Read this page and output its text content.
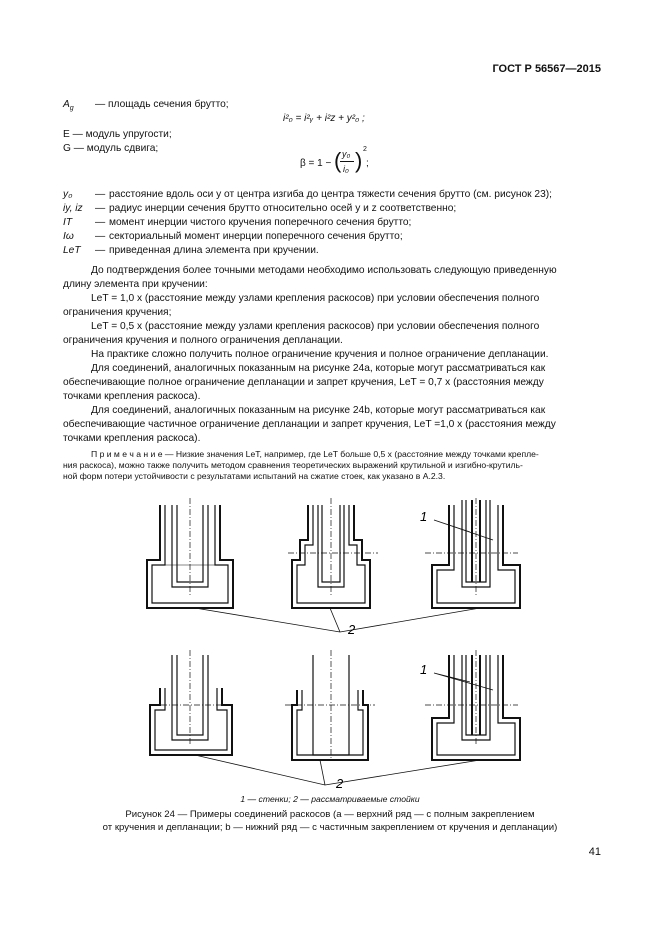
ГОСТ Р 56567—2015
$A_g$ — площадь сечения брутто;
i²₀ = i²ᵧ + i²z + y²₀ ;
E — модуль упругости;
G — модуль сдвига;
β = 1 − ( y₀
i₀ ) 2
;
y₀ — расстояние вдоль оси y от центра изгиба до центра тяжести сечения брутто (см. рисунок 23);
iy, iz — радиус инерции сечения брутто относительно осей y и z соответственно;
IT — момент инерции чистого кручения поперечного сечения брутто;
Iω — секториальный момент инерции поперечного сечения брутто;
LeT — приведенная длина элемента при кручении.
До подтверждения более точными методами необходимо использовать следующую приведенную
длину элемента при кручении:
LeT = 1,0 x (расстояние между узлами крепления раскосов) при условии обеспечения полного
ограничения кручения;
LeT = 0,5 x (расстояние между узлами крепления раскосов) при условии обеспечения полного
ограничения кручения и полного ограничения депланации.
На практике сложно получить полное ограничение кручения и полное ограничение депланации.
Для соединений, аналогичных показанным на рисунке 24a, которые могут рассматриваться как
обеспечивающие полное ограничение депланации и запрет кручения, LeT = 0,7 x (расстояния между
точками крепления раскоса).
Для соединений, аналогичных показанным на рисунке 24b, которые могут рассматриваться как
обеспечивающие частичное ограничение депланации и запрет кручения, LeT =1,0 x (расстояния между
точками крепления раскоса).
П р и м е ч а н и е — Низкие значения LeT, например, где LeT больше 0,5 x (расстояние между точками крепле-
ния раскоса), можно также получить методом сравнения теоретических выражений крутильной и изгибно-крутиль-
ной форм потери устойчивости с результатами испытаний на сжатие стоек, как указано в А.2.3.
1
2
1
2
1 — стенки; 2 — рассматриваемые стойки
Рисунок 24 — Примеры соединений раскосов (a — верхний ряд — с полным закреплением
от кручения и депланации; b — нижний ряд — с частичным закреплением от кручения и депланации)
41
